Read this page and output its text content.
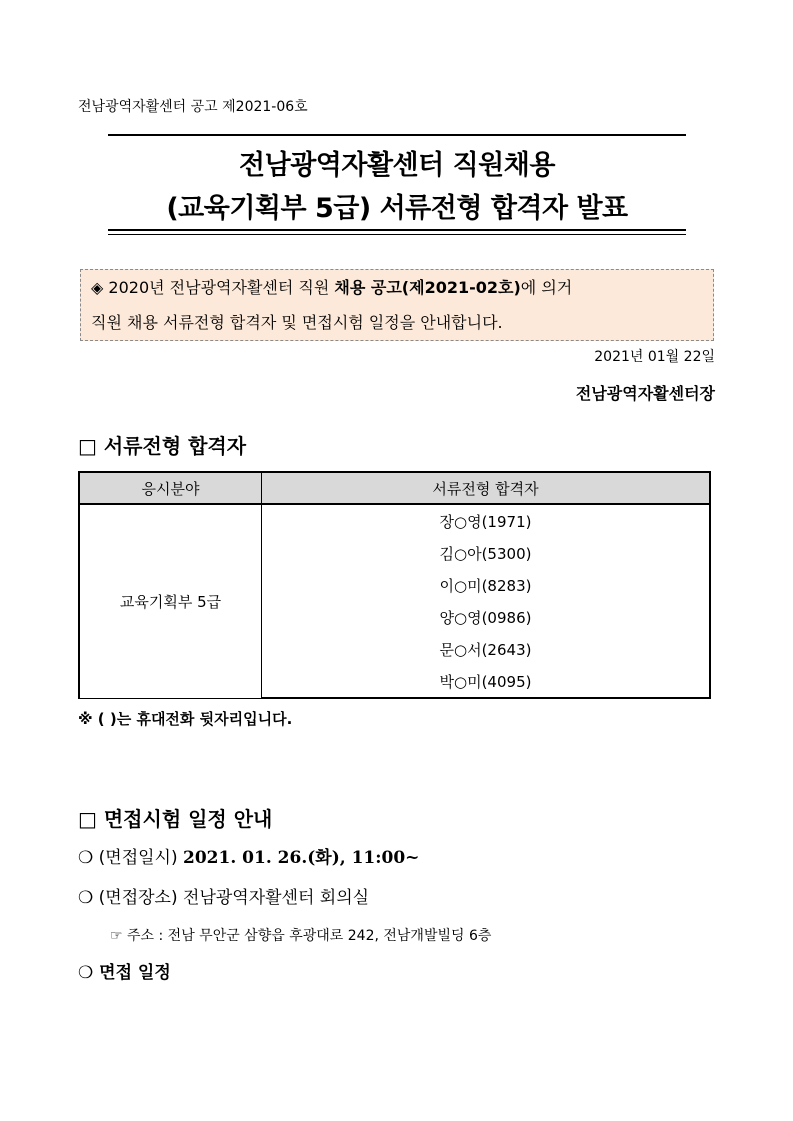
전남광역자활센터 공고 제2021-06호
전남광역자활센터 직원채용
(교육기획부 5급) 서류전형 합격자 발표
◈ 2020년 전남광역자활센터 직원 채용 공고(제2021-02호)에 의거
직원 채용 서류전형 합격자 및 면접시험 일정을 안내합니다.
2021년 01월 22일
전남광역자활센터장
□ 서류전형 합격자
응시분야	서류전형 합격자
교육기획부 5급	장○영(1971)
	김○아(5300)
	이○미(8283)
	양○영(0986)
	문○서(2643)
	박○미(4095)
※ ( )는 휴대전화 뒷자리입니다.
□ 면접시험 일정 안내
❍ (면접일시) 2021. 01. 26.(화), 11:00~
❍ (면접장소) 전남광역자활센터 회의실
☞ 주소 : 전남 무안군 삼향읍 후광대로 242, 전남개발빌딩 6층
❍ 면접 일정
